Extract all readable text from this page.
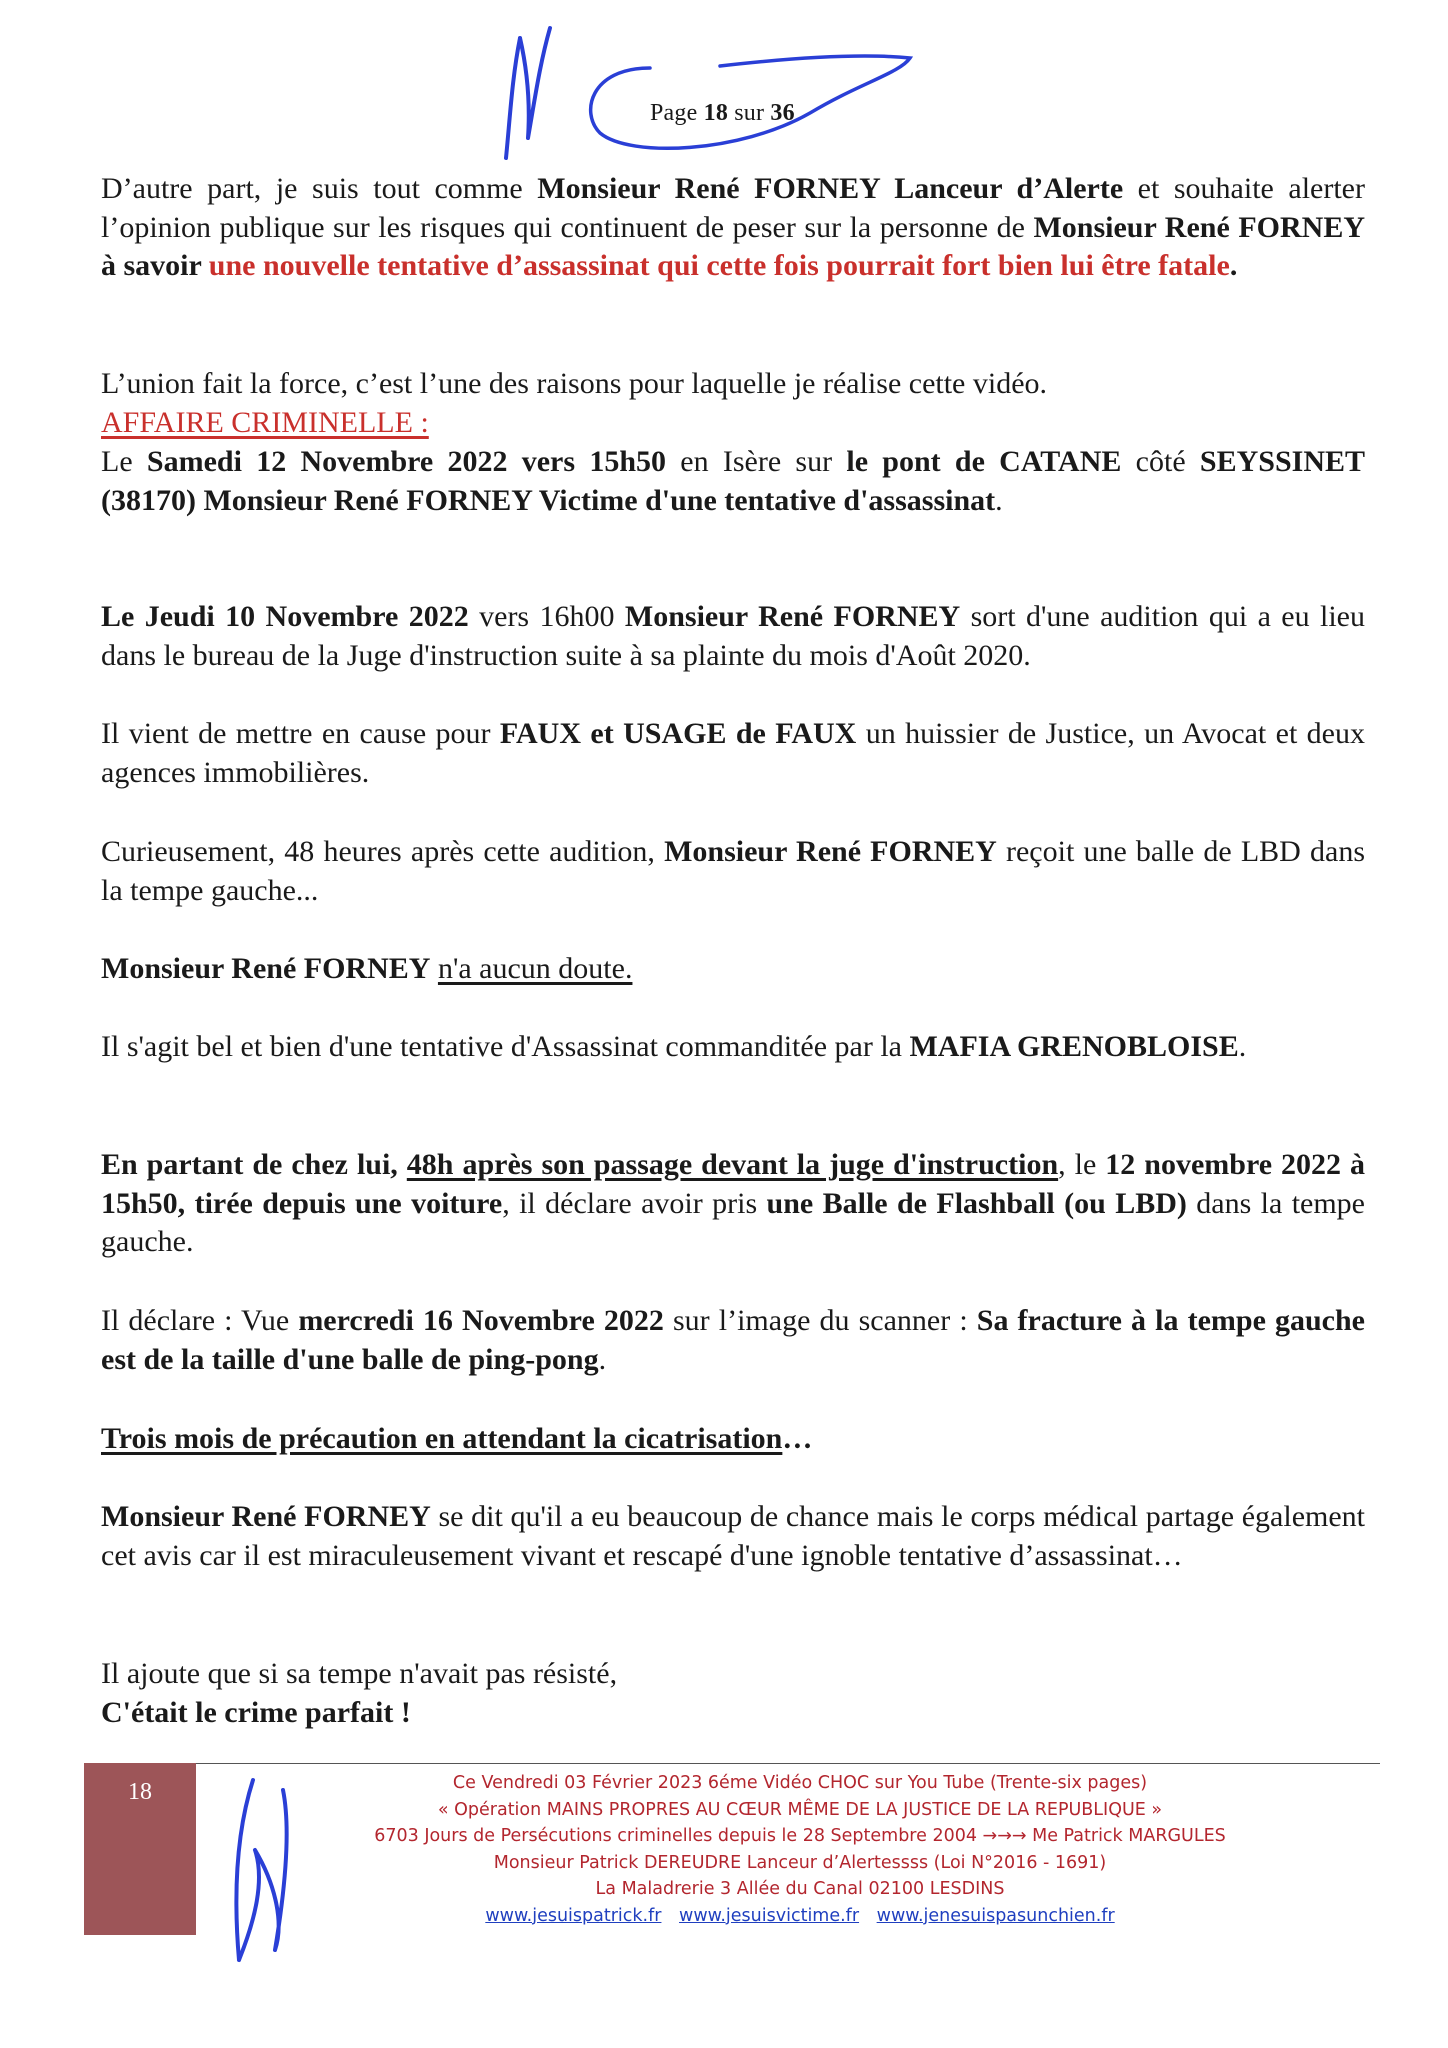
Page 18 sur 36

D’autre part, je suis tout comme Monsieur René FORNEY Lanceur d’Alerte et souhaite alerter l’opinion publique sur les risques qui continuent de peser sur la personne de Monsieur René FORNEY à savoir une nouvelle tentative d’assassinat qui cette fois pourrait fort bien lui être fatale.

L’union fait la force, c’est l’une des raisons pour laquelle je réalise cette vidéo.

AFFAIRE CRIMINELLE :

Le Samedi 12 Novembre 2022 vers 15h50 en Isère sur le pont de CATANE côté SEYSSINET (38170) Monsieur René FORNEY Victime d'une tentative d'assassinat.

Le Jeudi 10 Novembre 2022 vers 16h00 Monsieur René FORNEY sort d'une audition qui a eu lieu dans le bureau de la Juge d'instruction suite à sa plainte du mois d'Août 2020.

Il vient de mettre en cause pour FAUX et USAGE de FAUX un huissier de Justice, un Avocat et deux agences immobilières.

Curieusement, 48 heures après cette audition, Monsieur René FORNEY reçoit une balle de LBD dans la tempe gauche...

Monsieur René FORNEY n'a aucun doute.

Il s'agit bel et bien d'une tentative d'Assassinat commanditée par la MAFIA GRENOBLOISE.

En partant de chez lui, 48h après son passage devant la juge d'instruction, le 12 novembre 2022 à 15h50, tirée depuis une voiture, il déclare avoir pris une Balle de Flashball (ou LBD) dans la tempe gauche.

Il déclare : Vue mercredi 16 Novembre 2022 sur l’image du scanner : Sa fracture à la tempe gauche est de la taille d'une balle de ping-pong.

Trois mois de précaution en attendant la cicatrisation…

Monsieur René FORNEY se dit qu'il a eu beaucoup de chance mais le corps médical partage également cet avis car il est miraculeusement vivant et rescapé d'une ignoble tentative d’assassinat…

Il ajoute que si sa tempe n'avait pas résisté,
C'était le crime parfait !

18	Ce Vendredi 03 Février 2023 6éme Vidéo CHOC sur You Tube (Trente-six pages)
« Opération MAINS PROPRES AU CŒUR MÊME DE LA JUSTICE DE LA REPUBLIQUE »
6703 Jours de Persécutions criminelles depuis le 28 Septembre 2004 →→→ Me Patrick MARGULES
Monsieur Patrick DEREUDRE Lanceur d’Alertessss (Loi N°2016 - 1691)
La Maladrerie 3 Allée du Canal 02100 LESDINS
www.jesuispatrick.fr www.jesuisvictime.fr www.jenesuispasunchien.fr
